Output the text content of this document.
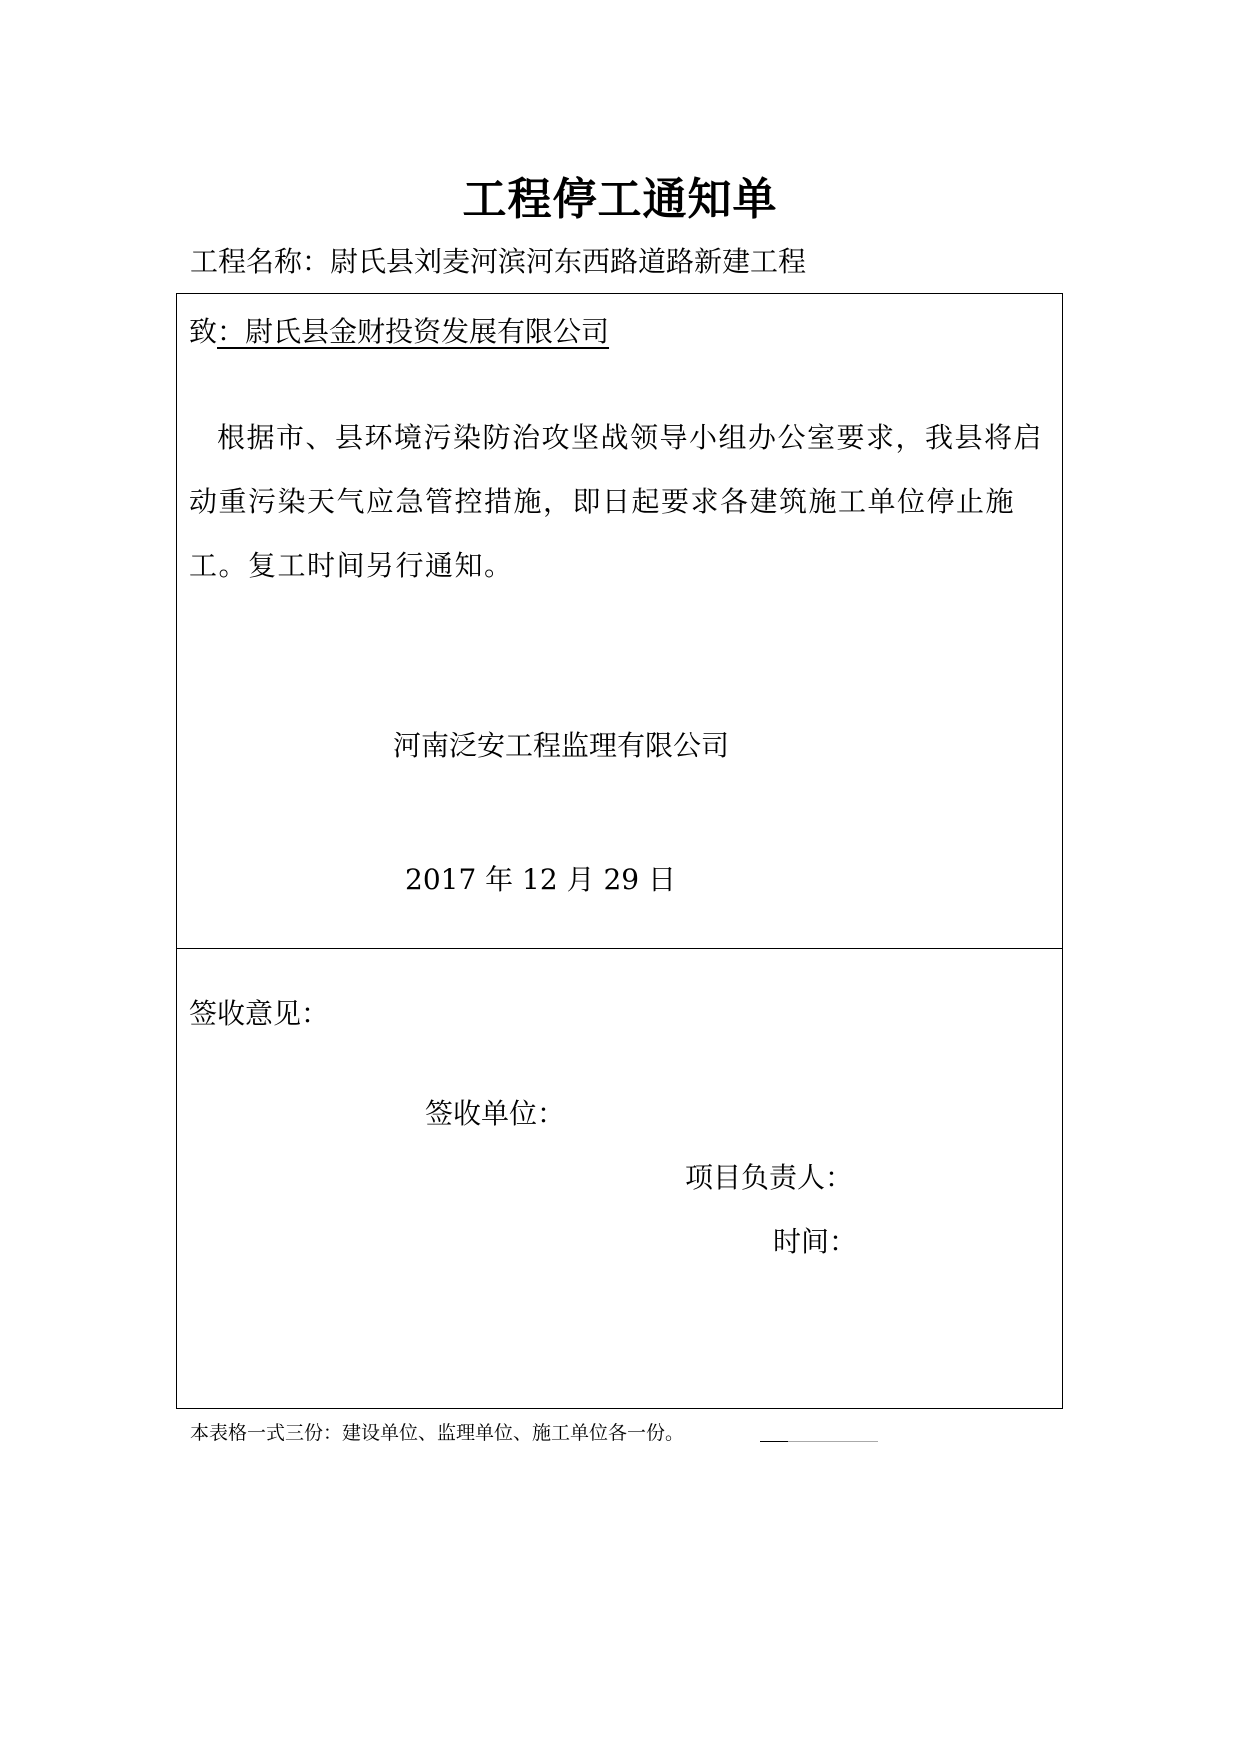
工程停工通知单
工程名称：尉氏县刘麦河滨河东西路道路新建工程
致：尉氏县金财投资发展有限公司
根据市、县环境污染防治攻坚战领导小组办公室要求，我县将启动重污染天气应急管控措施，即日起要求各建筑施工单位停止施工。复工时间另行通知。
河南泛安工程监理有限公司
2017 年 12 月 29 日
签收意见：
签收单位：
项目负责人：
时间：
本表格一式三份：建设单位、监理单位、施工单位各一份。
